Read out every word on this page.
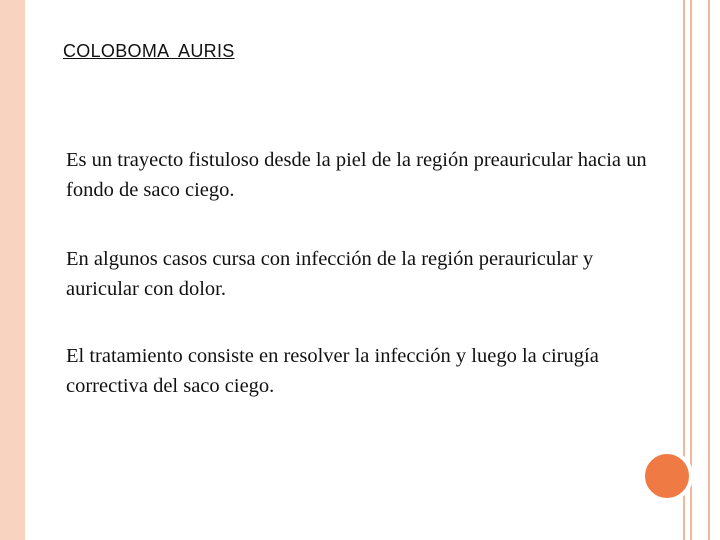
COLOBOMA  AURIS

Es un trayecto fistuloso desde la piel de la región preauricular hacia un fondo de saco ciego.

En algunos casos cursa con infección de la región perauricular y auricular con dolor.

El tratamiento consiste en resolver la infección y luego la cirugía correctiva del saco ciego.
